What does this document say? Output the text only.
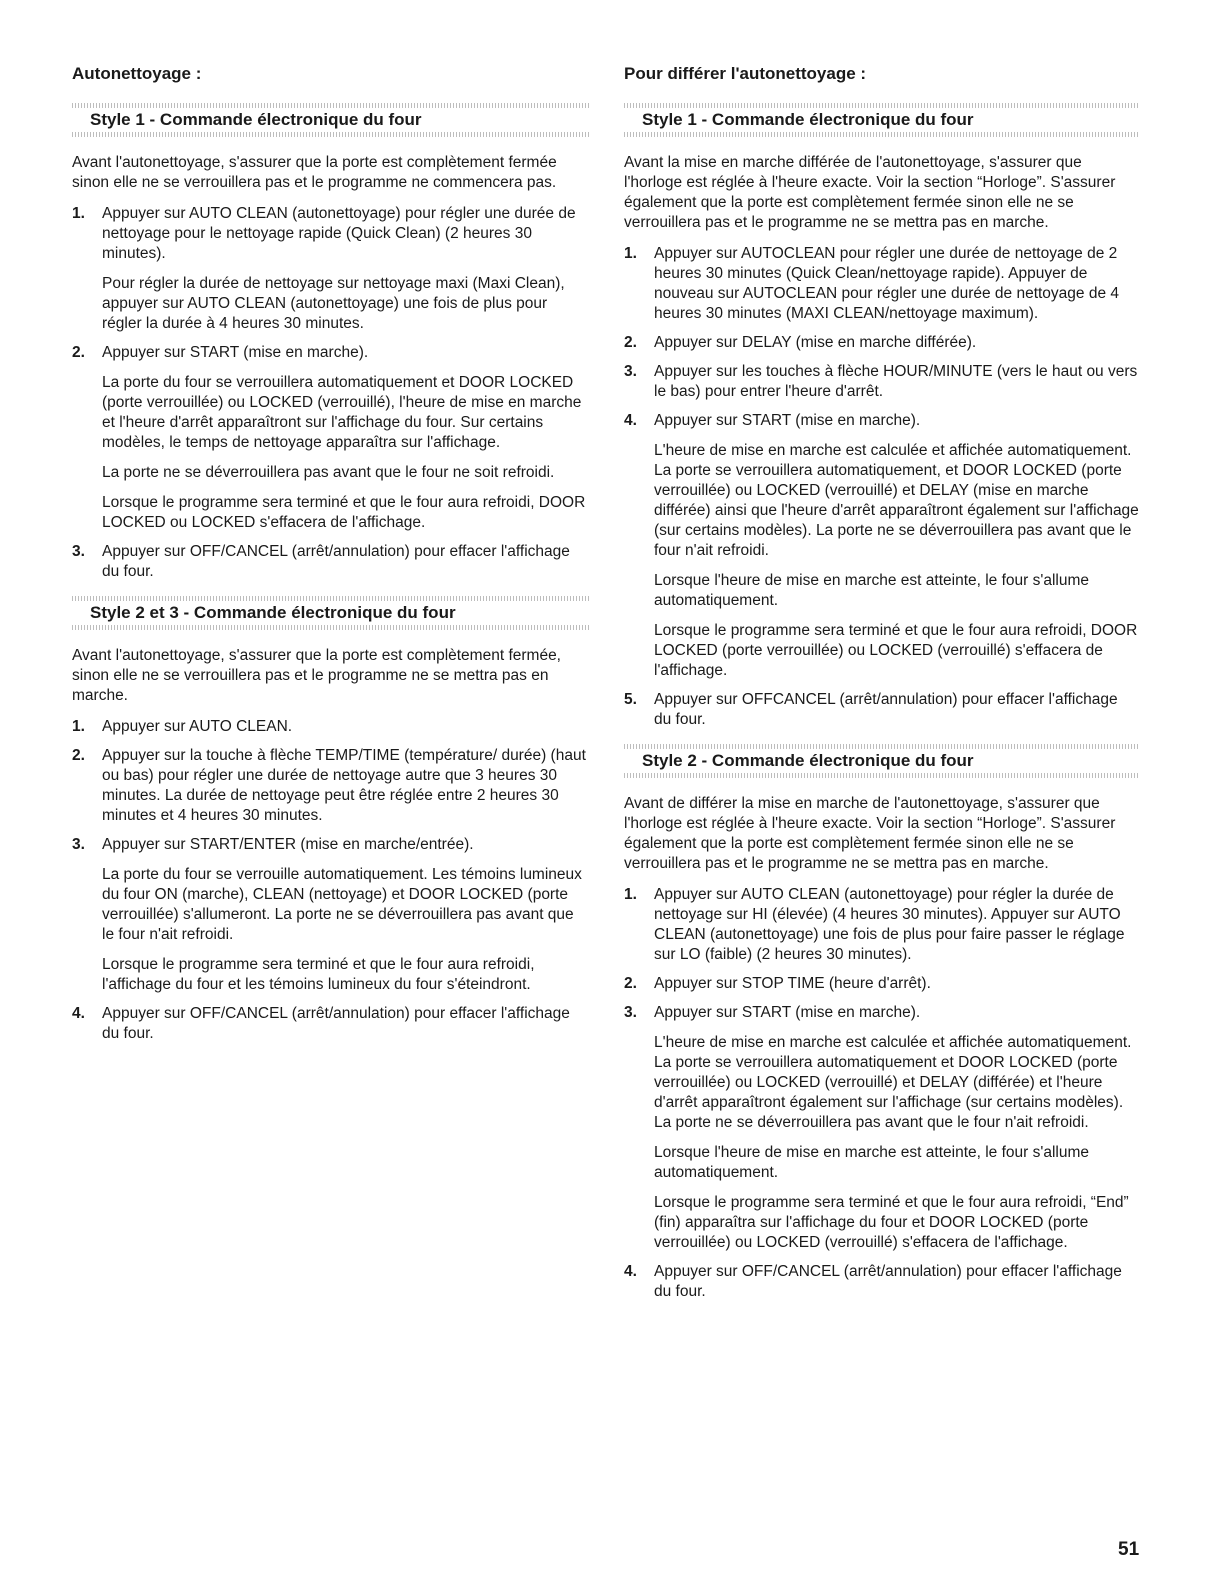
Autonettoyage :
Style 1 - Commande électronique du four

Avant l'autonettoyage, s'assurer que la porte est complètement fermée sinon elle ne se verrouillera pas et le programme ne commencera pas.

1. Appuyer sur AUTO CLEAN (autonettoyage) pour régler une durée de nettoyage pour le nettoyage rapide (Quick Clean) (2 heures 30 minutes).
Pour régler la durée de nettoyage sur nettoyage maxi (Maxi Clean), appuyer sur AUTO CLEAN (autonettoyage) une fois de plus pour régler la durée à 4 heures 30 minutes.
2. Appuyer sur START (mise en marche).
La porte du four se verrouillera automatiquement et DOOR LOCKED (porte verrouillée) ou LOCKED (verrouillé), l'heure de mise en marche et l'heure d'arrêt apparaîtront sur l'affichage du four. Sur certains modèles, le temps de nettoyage apparaîtra sur l'affichage.
La porte ne se déverrouillera pas avant que le four ne soit refroidi.
Lorsque le programme sera terminé et que le four aura refroidi, DOOR LOCKED ou LOCKED s'effacera de l'affichage.
3. Appuyer sur OFF/CANCEL (arrêt/annulation) pour effacer l'affichage du four.
Style 2 et 3 - Commande électronique du four

Avant l'autonettoyage, s'assurer que la porte est complètement fermée, sinon elle ne se verrouillera pas et le programme ne se mettra pas en marche.

1. Appuyer sur AUTO CLEAN.
2. Appuyer sur la touche à flèche TEMP/TIME (température/ durée) (haut ou bas) pour régler une durée de nettoyage autre que 3 heures 30 minutes. La durée de nettoyage peut être réglée entre 2 heures 30 minutes et 4 heures 30 minutes.
3. Appuyer sur START/ENTER (mise en marche/entrée).
La porte du four se verrouille automatiquement. Les témoins lumineux du four ON (marche), CLEAN (nettoyage) et DOOR LOCKED (porte verrouillée) s'allumeront. La porte ne se déverrouillera pas avant que le four n'ait refroidi.
Lorsque le programme sera terminé et que le four aura refroidi, l'affichage du four et les témoins lumineux du four s'éteindront.
4. Appuyer sur OFF/CANCEL (arrêt/annulation) pour effacer l'affichage du four.
Pour différer l'autonettoyage :
Style 1 - Commande électronique du four

Avant la mise en marche différée de l'autonettoyage, s'assurer que l'horloge est réglée à l'heure exacte. Voir la section “Horloge”. S'assurer également que la porte est complètement fermée sinon elle ne se verrouillera pas et le programme ne se mettra pas en marche.

1. Appuyer sur AUTOCLEAN pour régler une durée de nettoyage de 2 heures 30 minutes (Quick Clean/nettoyage rapide). Appuyer de nouveau sur AUTOCLEAN pour régler une durée de nettoyage de 4 heures 30 minutes (MAXI CLEAN/nettoyage maximum).
2. Appuyer sur DELAY (mise en marche différée).
3. Appuyer sur les touches à flèche HOUR/MINUTE (vers le haut ou vers le bas) pour entrer l'heure d'arrêt.
4. Appuyer sur START (mise en marche).
L'heure de mise en marche est calculée et affichée automatiquement. La porte se verrouillera automatiquement, et DOOR LOCKED (porte verrouillée) ou LOCKED (verrouillé) et DELAY (mise en marche différée) ainsi que l'heure d'arrêt apparaîtront également sur l'affichage (sur certains modèles). La porte ne se déverrouillera pas avant que le four n'ait refroidi.
Lorsque l'heure de mise en marche est atteinte, le four s'allume automatiquement.
Lorsque le programme sera terminé et que le four aura refroidi, DOOR LOCKED (porte verrouillée) ou LOCKED (verrouillé) s'effacera de l'affichage.
5. Appuyer sur OFFCANCEL (arrêt/annulation) pour effacer l'affichage du four.
Style 2 - Commande électronique du four

Avant de différer la mise en marche de l'autonettoyage, s'assurer que l'horloge est réglée à l'heure exacte. Voir la section “Horloge”. S'assurer également que la porte est complètement fermée sinon elle ne se verrouillera pas et le programme ne se mettra pas en marche.

1. Appuyer sur AUTO CLEAN (autonettoyage) pour régler la durée de nettoyage sur HI (élevée) (4 heures 30 minutes). Appuyer sur AUTO CLEAN (autonettoyage) une fois de plus pour faire passer le réglage sur LO (faible) (2 heures 30 minutes).
2. Appuyer sur STOP TIME (heure d'arrêt).
3. Appuyer sur START (mise en marche).
L'heure de mise en marche est calculée et affichée automatiquement. La porte se verrouillera automatiquement et DOOR LOCKED (porte verrouillée) ou LOCKED (verrouillé) et DELAY (différée) et l'heure d'arrêt apparaîtront également sur l'affichage (sur certains modèles). La porte ne se déverrouillera pas avant que le four n'ait refroidi.
Lorsque l'heure de mise en marche est atteinte, le four s'allume automatiquement.
Lorsque le programme sera terminé et que le four aura refroidi, “End” (fin) apparaîtra sur l'affichage du four et DOOR LOCKED (porte verrouillée) ou LOCKED (verrouillé) s'effacera de l'affichage.
4. Appuyer sur OFF/CANCEL (arrêt/annulation) pour effacer l'affichage du four.
51
